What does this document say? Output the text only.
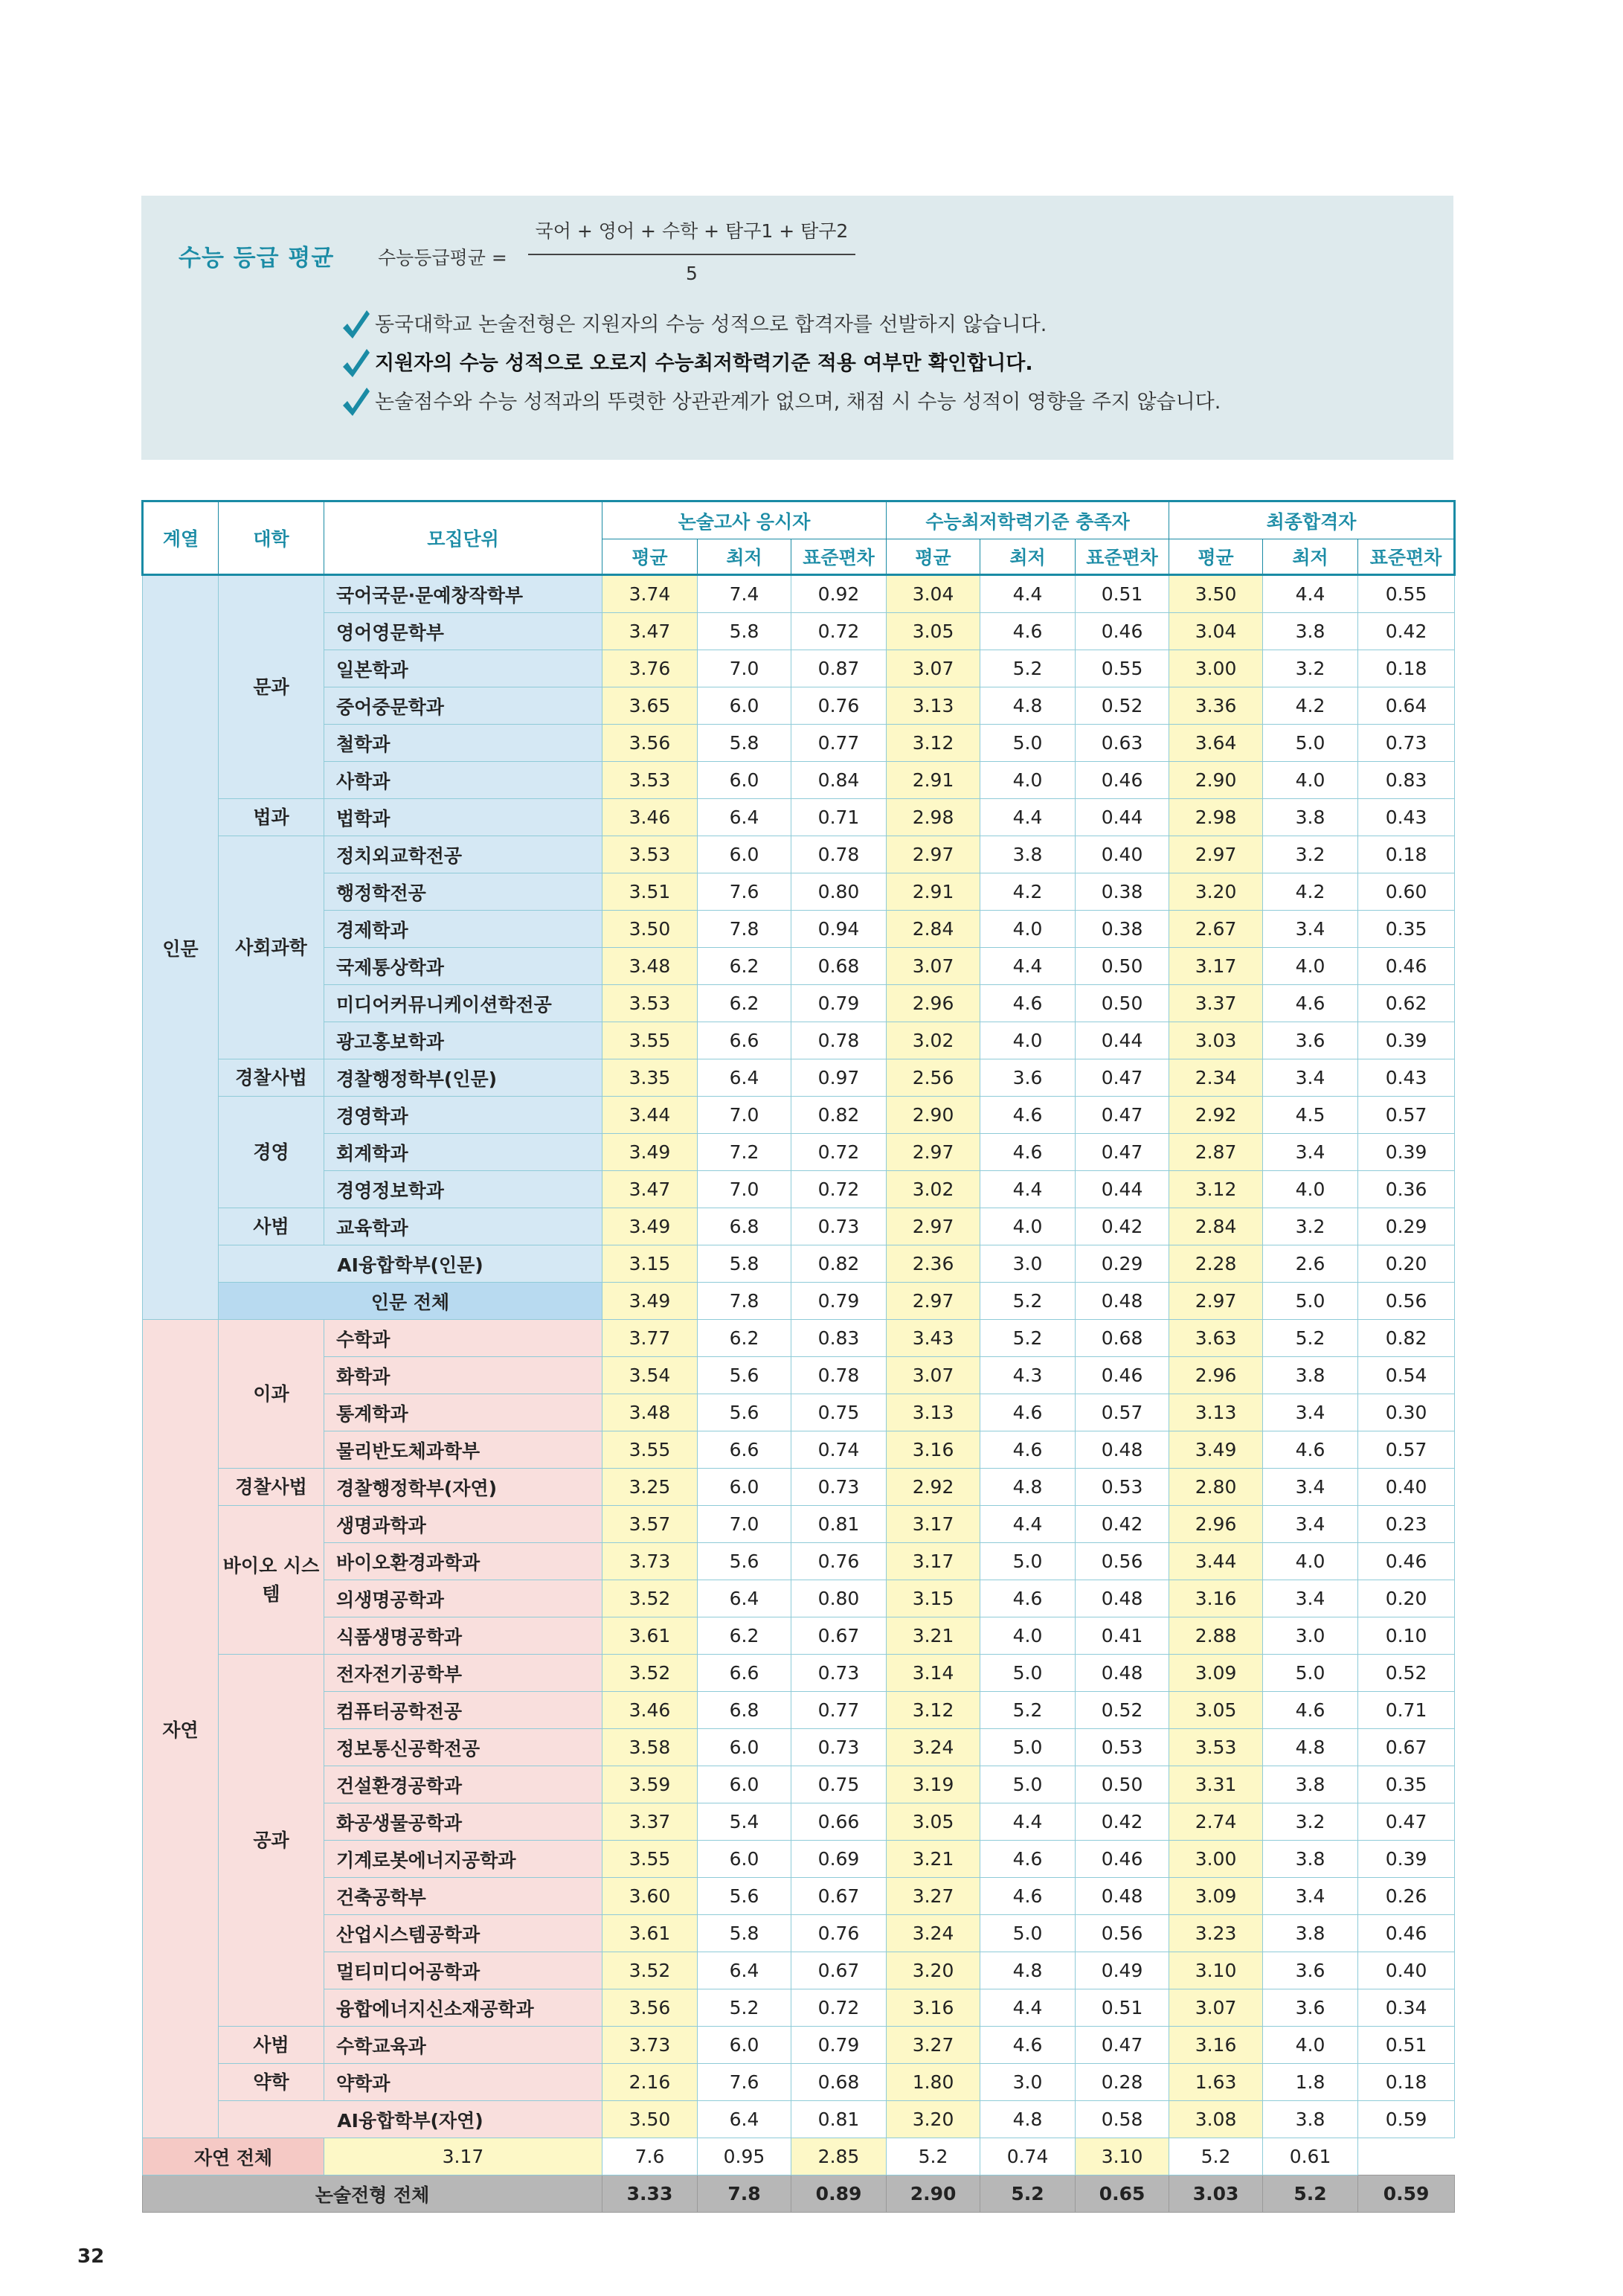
수능 등급 평균 수능등급평균 =
국어 + 영어 + 수학 + 탐구1 + 탐구2
5
동국대학교 논술전형은 지원자의 수능 성적으로 합격자를 선발하지 않습니다.
지원자의 수능 성적으로 오로지 수능최저학력기준 적용 여부만 확인합니다.
논술점수와 수능 성적과의 뚜렷한 상관관계가 없으며, 채점 시 수능 성적이 영향을 주지 않습니다.
계열	대학	모집단위	논술고사 응시자			수능최저학력기준 충족자			최종합격자		
			평균	최저	표준편차	평균	최저	표준편차	평균	최저	표준편차
인문	문과	국어국문·문예창작학부	3.74	7.4	0.92	3.04	4.4	0.51	3.50	4.4	0.55
		영어영문학부	3.47	5.8	0.72	3.05	4.6	0.46	3.04	3.8	0.42
		일본학과	3.76	7.0	0.87	3.07	5.2	0.55	3.00	3.2	0.18
		중어중문학과	3.65	6.0	0.76	3.13	4.8	0.52	3.36	4.2	0.64
		철학과	3.56	5.8	0.77	3.12	5.0	0.63	3.64	5.0	0.73
		사학과	3.53	6.0	0.84	2.91	4.0	0.46	2.90	4.0	0.83
	법과	법학과	3.46	6.4	0.71	2.98	4.4	0.44	2.98	3.8	0.43
	사회과학	정치외교학전공	3.53	6.0	0.78	2.97	3.8	0.40	2.97	3.2	0.18
		행정학전공	3.51	7.6	0.80	2.91	4.2	0.38	3.20	4.2	0.60
		경제학과	3.50	7.8	0.94	2.84	4.0	0.38	2.67	3.4	0.35
		국제통상학과	3.48	6.2	0.68	3.07	4.4	0.50	3.17	4.0	0.46
		미디어커뮤니케이션학전공	3.53	6.2	0.79	2.96	4.6	0.50	3.37	4.6	0.62
		광고홍보학과	3.55	6.6	0.78	3.02	4.0	0.44	3.03	3.6	0.39
	경찰사법	경찰행정학부(인문)	3.35	6.4	0.97	2.56	3.6	0.47	2.34	3.4	0.43
	경영	경영학과	3.44	7.0	0.82	2.90	4.6	0.47	2.92	4.5	0.57
		회계학과	3.49	7.2	0.72	2.97	4.6	0.47	2.87	3.4	0.39
		경영정보학과	3.47	7.0	0.72	3.02	4.4	0.44	3.12	4.0	0.36
	사범	교육학과	3.49	6.8	0.73	2.97	4.0	0.42	2.84	3.2	0.29
	AI융합학부(인문)		3.15	5.8	0.82	2.36	3.0	0.29	2.28	2.6	0.20
	인문 전체		3.49	7.8	0.79	2.97	5.2	0.48	2.97	5.0	0.56
자연	이과	수학과	3.77	6.2	0.83	3.43	5.2	0.68	3.63	5.2	0.82
		화학과	3.54	5.6	0.78	3.07	4.3	0.46	2.96	3.8	0.54
		통계학과	3.48	5.6	0.75	3.13	4.6	0.57	3.13	3.4	0.30
		물리반도체과학부	3.55	6.6	0.74	3.16	4.6	0.48	3.49	4.6	0.57
	경찰사법	경찰행정학부(자연)	3.25	6.0	0.73	2.92	4.8	0.53	2.80	3.4	0.40
	바이오 시스템	생명과학과	3.57	7.0	0.81	3.17	4.4	0.42	2.96	3.4	0.23
		바이오환경과학과	3.73	5.6	0.76	3.17	5.0	0.56	3.44	4.0	0.46
		의생명공학과	3.52	6.4	0.80	3.15	4.6	0.48	3.16	3.4	0.20
		식품생명공학과	3.61	6.2	0.67	3.21	4.0	0.41	2.88	3.0	0.10
	공과	전자전기공학부	3.52	6.6	0.73	3.14	5.0	0.48	3.09	5.0	0.52
		컴퓨터공학전공	3.46	6.8	0.77	3.12	5.2	0.52	3.05	4.6	0.71
		정보통신공학전공	3.58	6.0	0.73	3.24	5.0	0.53	3.53	4.8	0.67
		건설환경공학과	3.59	6.0	0.75	3.19	5.0	0.50	3.31	3.8	0.35
		화공생물공학과	3.37	5.4	0.66	3.05	4.4	0.42	2.74	3.2	0.47
		기계로봇에너지공학과	3.55	6.0	0.69	3.21	4.6	0.46	3.00	3.8	0.39
		건축공학부	3.60	5.6	0.67	3.27	4.6	0.48	3.09	3.4	0.26
		산업시스템공학과	3.61	5.8	0.76	3.24	5.0	0.56	3.23	3.8	0.46
		멀티미디어공학과	3.52	6.4	0.67	3.20	4.8	0.49	3.10	3.6	0.40
		융합에너지신소재공학과	3.56	5.2	0.72	3.16	4.4	0.51	3.07	3.6	0.34
	사범	수학교육과	3.73	6.0	0.79	3.27	4.6	0.47	3.16	4.0	0.51
	약학	약학과	2.16	7.6	0.68	1.80	3.0	0.28	1.63	1.8	0.18
	AI융합학부(자연)		3.50	6.4	0.81	3.20	4.8	0.58	3.08	3.8	0.59
자연 전체		3.17	7.6	0.95	2.85	5.2	0.74	3.10	5.2	0.61	
논술전형 전체			3.33	7.8	0.89	2.90	5.2	0.65	3.03	5.2	0.59
32
